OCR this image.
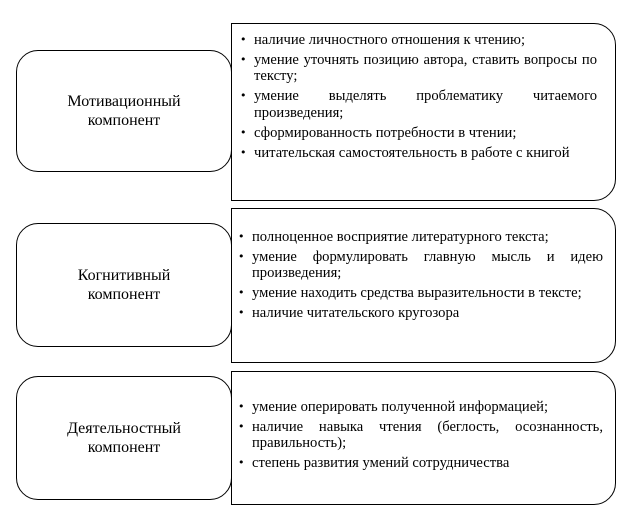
Мотивационный
компонент
• наличие личностного отношения к чтению;
• умение уточнять позицию автора, ставить вопросы по тексту;
• умение выделять проблематику читаемого произведения;
• сформированность потребности в чтении;
• читательская самостоятельность в работе с книгой
Когнитивный
компонент
• полноценное восприятие литературного текста;
• умение формулировать главную мысль и идею произведения;
• умение находить средства выразительности в тексте;
• наличие читательского кругозора
Деятельностный
компонент
• умение оперировать полученной информацией;
• наличие навыка чтения (беглость, осознанность, правильность);
• степень развития умений сотрудничества
